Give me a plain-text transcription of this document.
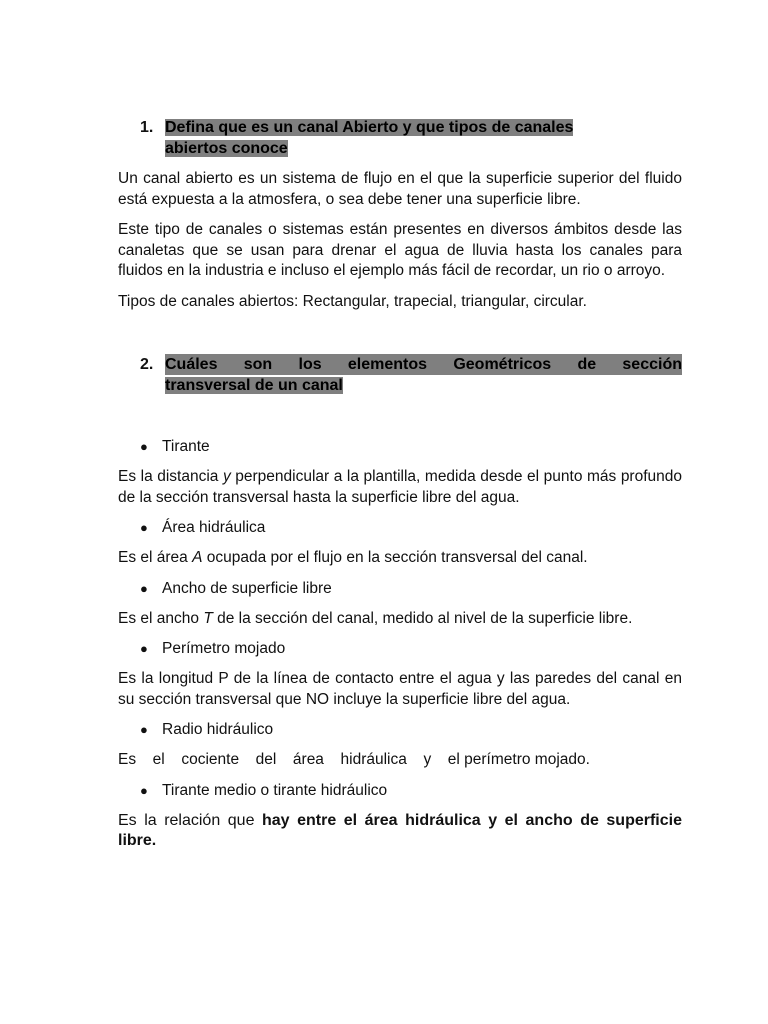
1. Defina que es un canal Abierto y que tipos de canales
abiertos conoce

Un canal abierto es un sistema de flujo en el que la superficie superior del fluido está expuesta a la atmosfera, o sea debe tener una superficie libre.

Este tipo de canales o sistemas están presentes en diversos ámbitos desde las canaletas que se usan para drenar el agua de lluvia hasta los canales para fluidos en la industria e incluso el ejemplo más fácil de recordar, un rio o arroyo.

Tipos de canales abiertos: Rectangular, trapecial, triangular, circular.

2. Cuáles son los elementos Geométricos de sección
transversal de un canal
● Tirante

Es la distancia y perpendicular a la plantilla, medida desde el punto más profundo de la sección transversal hasta la superficie libre del agua.

● Área hidráulica

Es el área A ocupada por el flujo en la sección transversal del canal.

● Ancho de superficie libre

Es el ancho T de la sección del canal, medido al nivel de la superficie libre.

● Perímetro mojado

Es la longitud P de la línea de contacto entre el agua y las paredes del canal en su sección transversal que NO incluye la superficie libre del agua.

● Radio hidráulico

Es el cociente del área hidráulica y el perímetro mojado.

● Tirante medio o tirante hidráulico

Es la relación que hay entre el área hidráulica y el ancho de superficie libre.
